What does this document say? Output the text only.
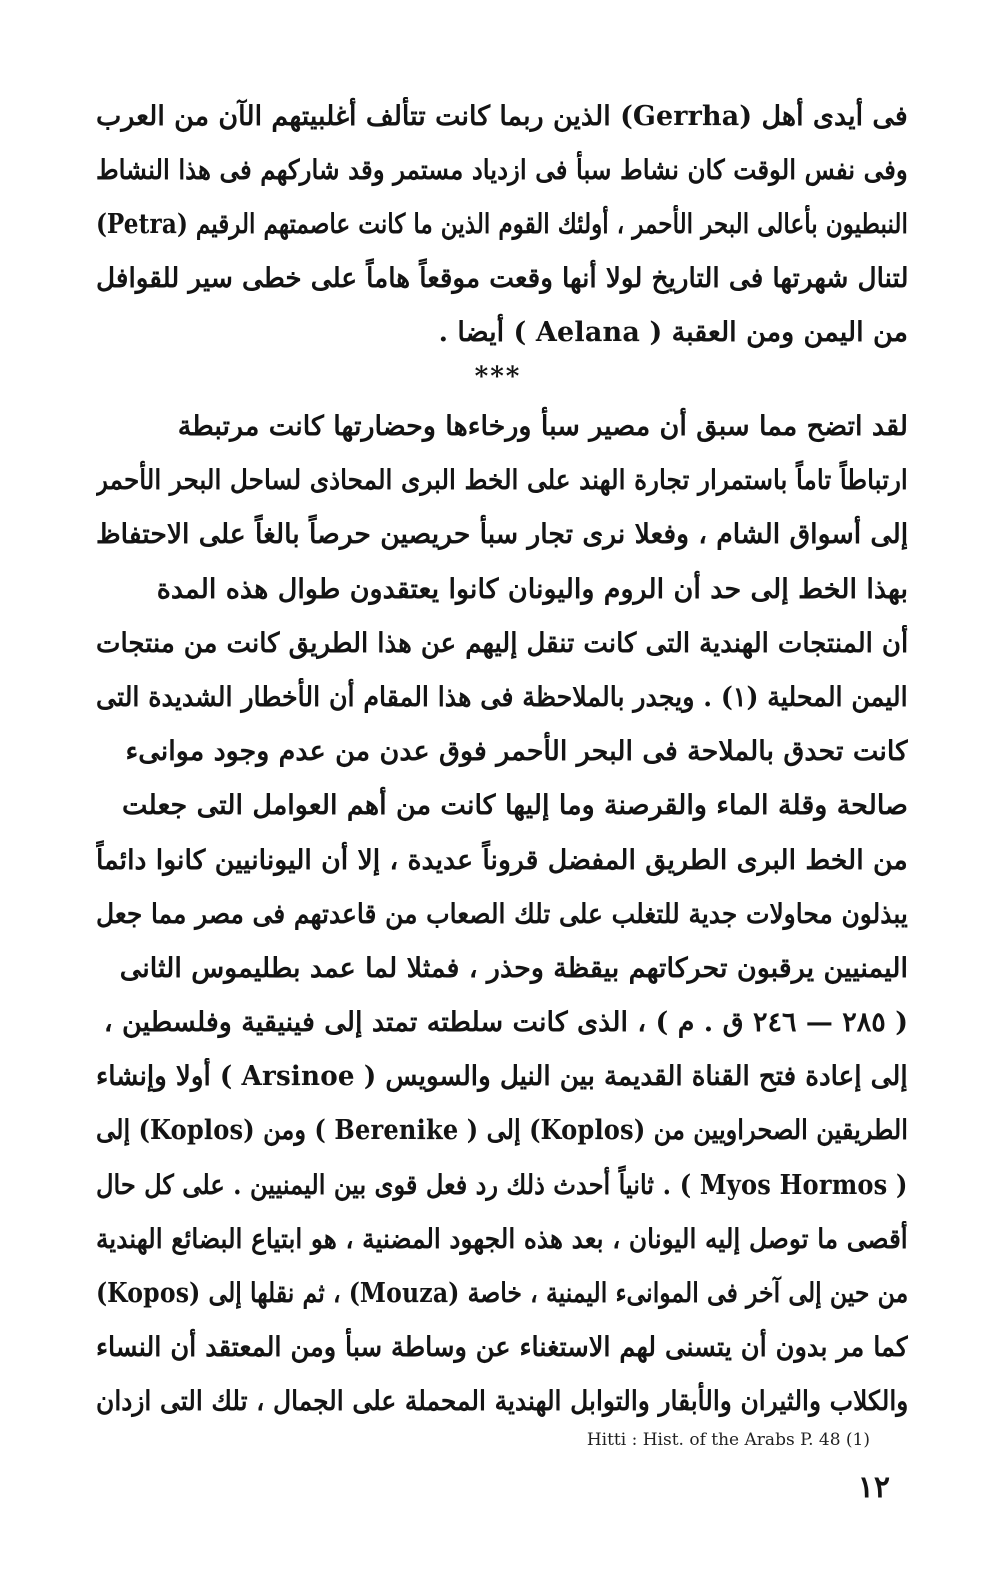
فى أيدى أهل (Gerrha) الذين ربما كانت تتألف أغلبيتهم الآن من العرب
وفى نفس الوقت كان نشاط سبأ فى ازدياد مستمر وقد شاركهم فى هذا النشاط
النبطيون بأعالى البحر الأحمر ، أولئك القوم الذين ما كانت عاصمتهم الرقيم (Petra)
لتنال شهرتها فى التاريخ لولا أنها وقعت موقعاً هاماً على خطى سير للقوافل
من اليمن ومن العقبة ( Aelana ) أيضا .
***
لقد اتضح مما سبق أن مصير سبأ ورخاءها وحضارتها كانت مرتبطة
ارتباطاً تاماً باستمرار تجارة الهند على الخط البرى المحاذى لساحل البحر الأحمر
إلى أسواق الشام ، وفعلا نرى تجار سبأ حريصين حرصاً بالغاً على الاحتفاظ
بهذا الخط إلى حد أن الروم واليونان كانوا يعتقدون طوال هذه المدة
أن المنتجات الهندية التى كانت تنقل إليهم عن هذا الطريق كانت من منتجات
اليمن المحلية (١) . ويجدر بالملاحظة فى هذا المقام أن الأخطار الشديدة التى
كانت تحدق بالملاحة فى البحر الأحمر فوق عدن من عدم وجود موانىء
صالحة وقلة الماء والقرصنة وما إليها كانت من أهم العوامل التى جعلت
من الخط البرى الطريق المفضل قروناً عديدة ، إلا أن اليونانيين كانوا دائماً
يبذلون محاولات جدية للتغلب على تلك الصعاب من قاعدتهم فى مصر مما جعل
اليمنيين يرقبون تحركاتهم بيقظة وحذر ، فمثلا لما عمد بطليموس الثانى
( ٢٨٥ — ٢٤٦ ق . م ) ، الذى كانت سلطته تمتد إلى فينيقية وفلسطين ،
إلى إعادة فتح القناة القديمة بين النيل والسويس ( Arsinoe ) أولا وإنشاء
الطريقين الصحراويين من (Koplos) إلى ( Berenike ) ومن (Koplos) إلى
( Myos Hormos ) . ثانياً أحدث ذلك رد فعل قوى بين اليمنيين . على كل حال
أقصى ما توصل إليه اليونان ، بعد هذه الجهود المضنية ، هو ابتياع البضائع الهندية
من حين إلى آخر فى الموانىء اليمنية ، خاصة (Mouza) ، ثم نقلها إلى (Kopos)
كما مر بدون أن يتسنى لهم الاستغناء عن وساطة سبأ ومن المعتقد أن النساء
والكلاب والثيران والأبقار والتوابل الهندية المحملة على الجمال ، تلك التى ازدان
Hitti : Hist. of the Arabs P. 48 (1)
١٢
